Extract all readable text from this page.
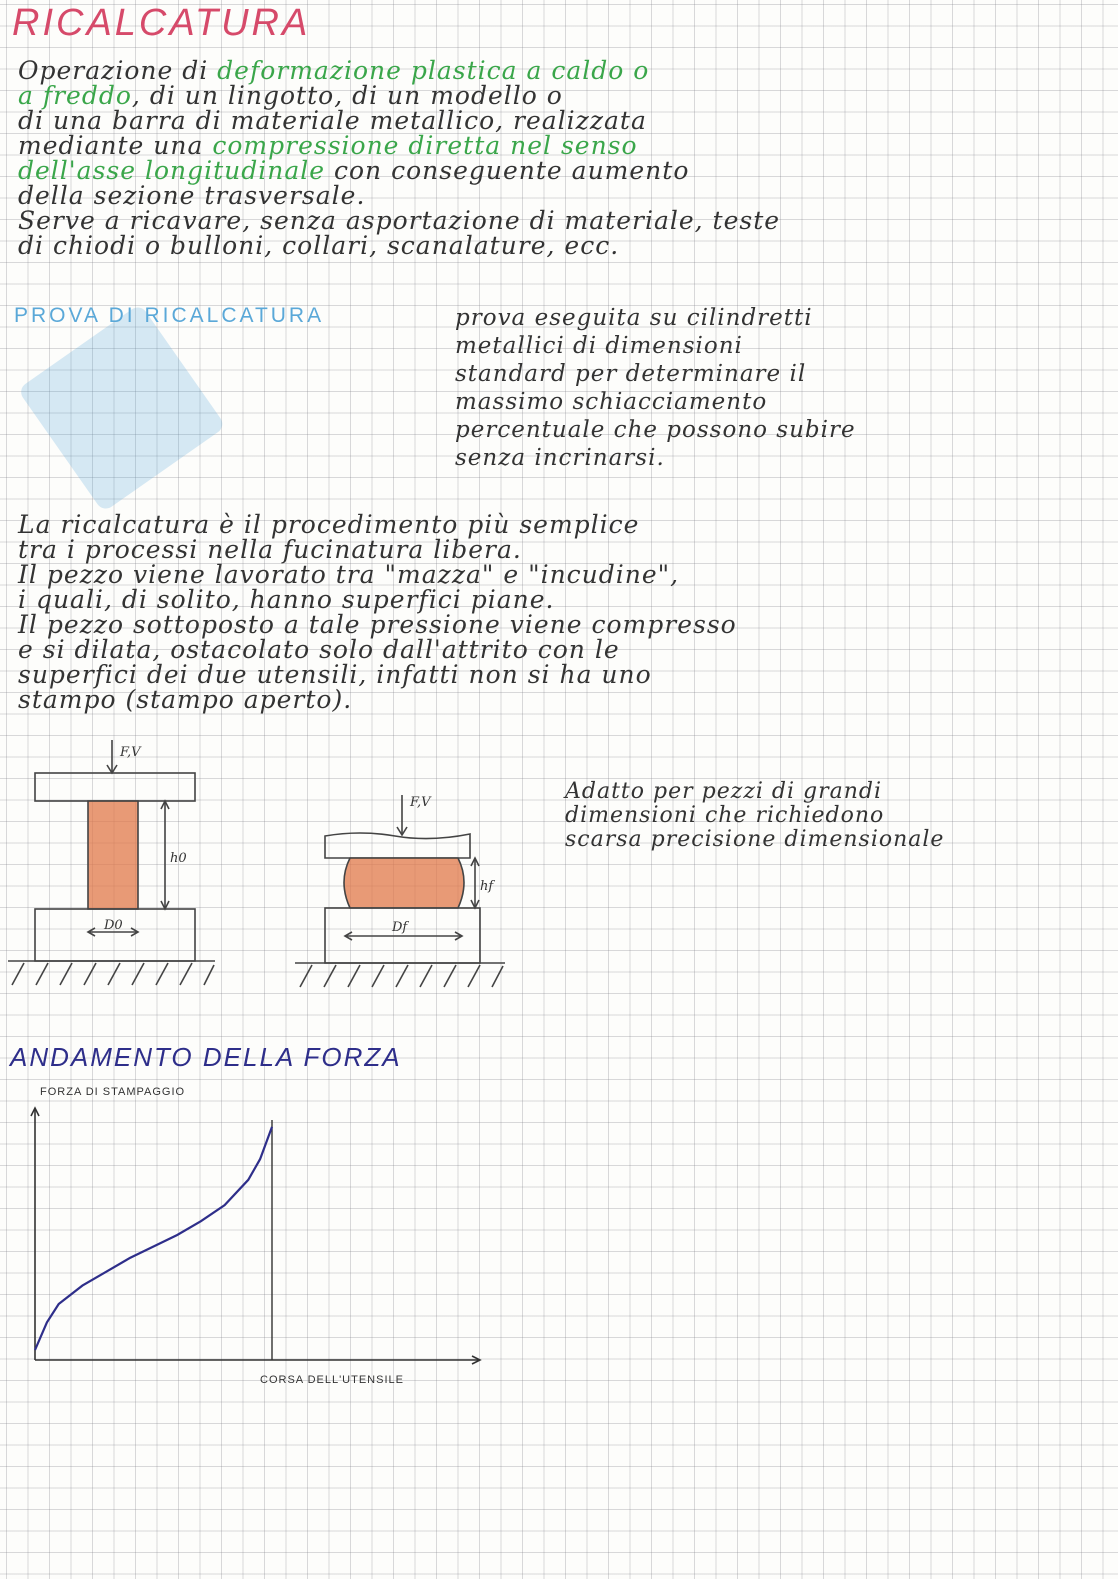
RICALCATURA
Operazione di deformazione plastica a caldo o
a freddo, di un lingotto, di un modello o
di una barra di materiale metallico, realizzata
mediante una compressione diretta nel senso
dell'asse longitudinale con conseguente aumento
della sezione trasversale.
Serve a ricavare, senza asportazione di materiale, teste
di chiodi o bulloni, collari, scanalature, ecc.
PROVA DI RICALCATURA	prova eseguita su cilindretti
metallici di dimensioni
standard per determinare il
massimo schiacciamento
percentuale che possono subire
senza incrinarsi.
La ricalcatura è il procedimento più semplice
tra i processi nella fucinatura libera.
Il pezzo viene lavorato tra "mazza" e "incudine",
i quali, di solito, hanno superfici piane.
Il pezzo sottoposto a tale pressione viene compresso
e si dilata, ostacolato solo dall'attrito con le
superfici dei due utensili, infatti non si ha uno
stampo (stampo aperto).
Adatto per pezzi di grandi
dimensioni che richiedono
scarsa precisione dimensionale
ANDAMENTO DELLA FORZA
F,V
h0
D0
F,V
hf
Df
FORZA DI STAMPAGGIO
CORSA DELL'UTENSILE
